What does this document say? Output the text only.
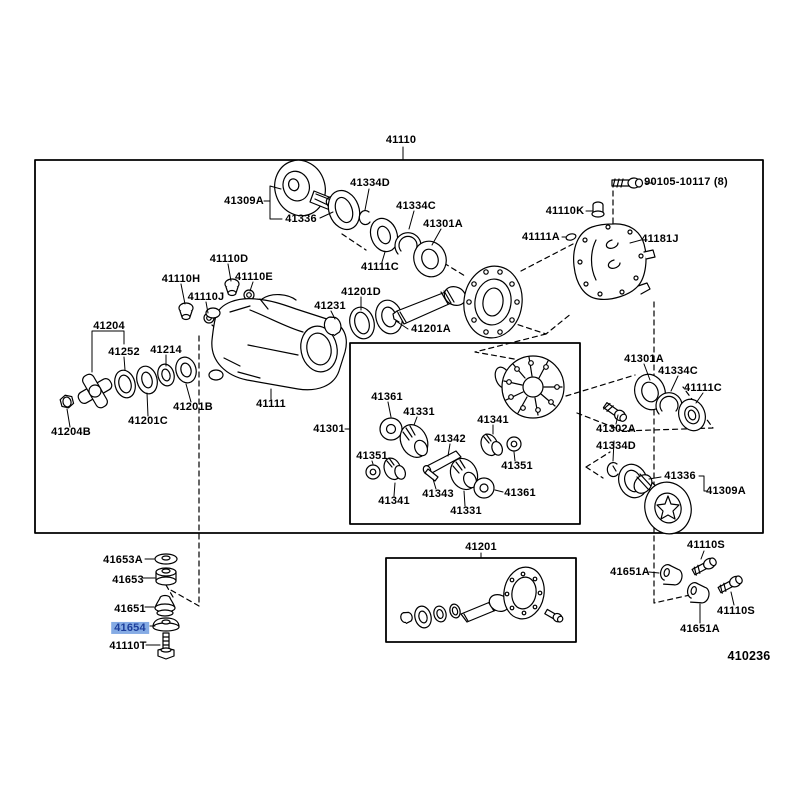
41110
41309A
41336
41334D
41334C
41301A
41111C
90105-10117 (8)
41110K
41111A	41181J
41110D
41110H	41110E
41110J
41231
41201D
41201A
41204
41252 41214
41201B
41201C
41204B
41111
41301
41361
41331
41342
41341
41351
41351
41341
41343
41331
41361
41301A
41334C
41111C
41302A
41334D
41336
41309A
41653A
41653
41651
41654
41110T
41201	41110S
41651A
41110S
41651A
410236
